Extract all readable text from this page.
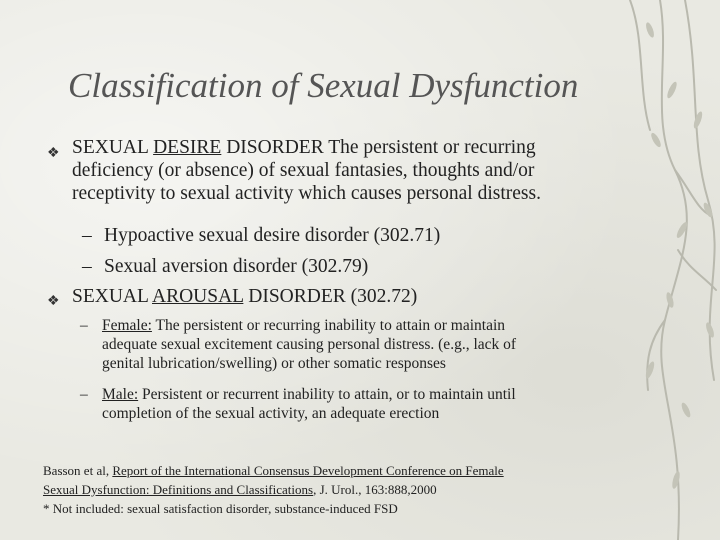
Classification of Sexual Dysfunction
❖ SEXUAL DESIRE DISORDER The persistent or recurring
deficiency (or absence) of sexual fantasies, thoughts and/or
receptivity to sexual activity which causes personal distress.
– Hypoactive sexual desire disorder (302.71)
– Sexual aversion disorder (302.79)
❖ SEXUAL AROUSAL DISORDER (302.72)
– Female: The persistent or recurring inability to attain or maintain
adequate sexual excitement causing personal distress. (e.g., lack of
genital lubrication/swelling) or other somatic responses
– Male: Persistent or recurrent inability to attain, or to maintain until
completion of the sexual activity, an adequate erection
Basson et al, Report of the International Consensus Development Conference on Female
Sexual Dysfunction: Definitions and Classifications, J. Urol., 163:888,2000
* Not included: sexual satisfaction disorder, substance-induced FSD
